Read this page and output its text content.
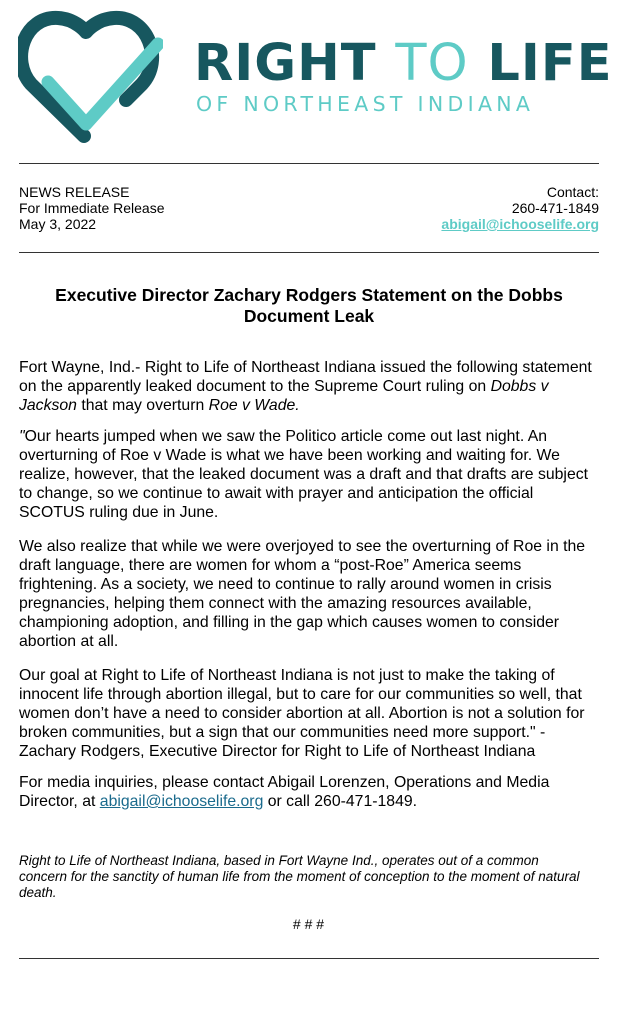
RIGHT TO LIFE
OF NORTHEAST INDIANA
NEWS RELEASE
For Immediate Release
May 3, 2022
Contact:
260-471-1849
abigail@ichooselife.org
Executive Director Zachary Rodgers Statement on the Dobbs Document Leak

Fort Wayne, Ind.- Right to Life of Northeast Indiana issued the following statement on the apparently leaked document to the Supreme Court ruling on Dobbs v Jackson that may overturn Roe v Wade.

"Our hearts jumped when we saw the Politico article come out last night. An overturning of Roe v Wade is what we have been working and waiting for. We realize, however, that the leaked document was a draft and that drafts are subject to change, so we continue to await with prayer and anticipation the official SCOTUS ruling due in June.

We also realize that while we were overjoyed to see the overturning of Roe in the draft language, there are women for whom a “post-Roe” America seems frightening. As a society, we need to continue to rally around women in crisis pregnancies, helping them connect with the amazing resources available, championing adoption, and filling in the gap which causes women to consider abortion at all.

Our goal at Right to Life of Northeast Indiana is not just to make the taking of innocent life through abortion illegal, but to care for our communities so well, that women don’t have a need to consider abortion at all. Abortion is not a solution for broken communities, but a sign that our communities need more support." - Zachary Rodgers, Executive Director for Right to Life of Northeast Indiana

For media inquiries, please contact Abigail Lorenzen, Operations and Media Director, at abigail@ichooselife.org or call 260-471-1849.

Right to Life of Northeast Indiana, based in Fort Wayne Ind., operates out of a common concern for the sanctity of human life from the moment of conception to the moment of natural death.
# # #
